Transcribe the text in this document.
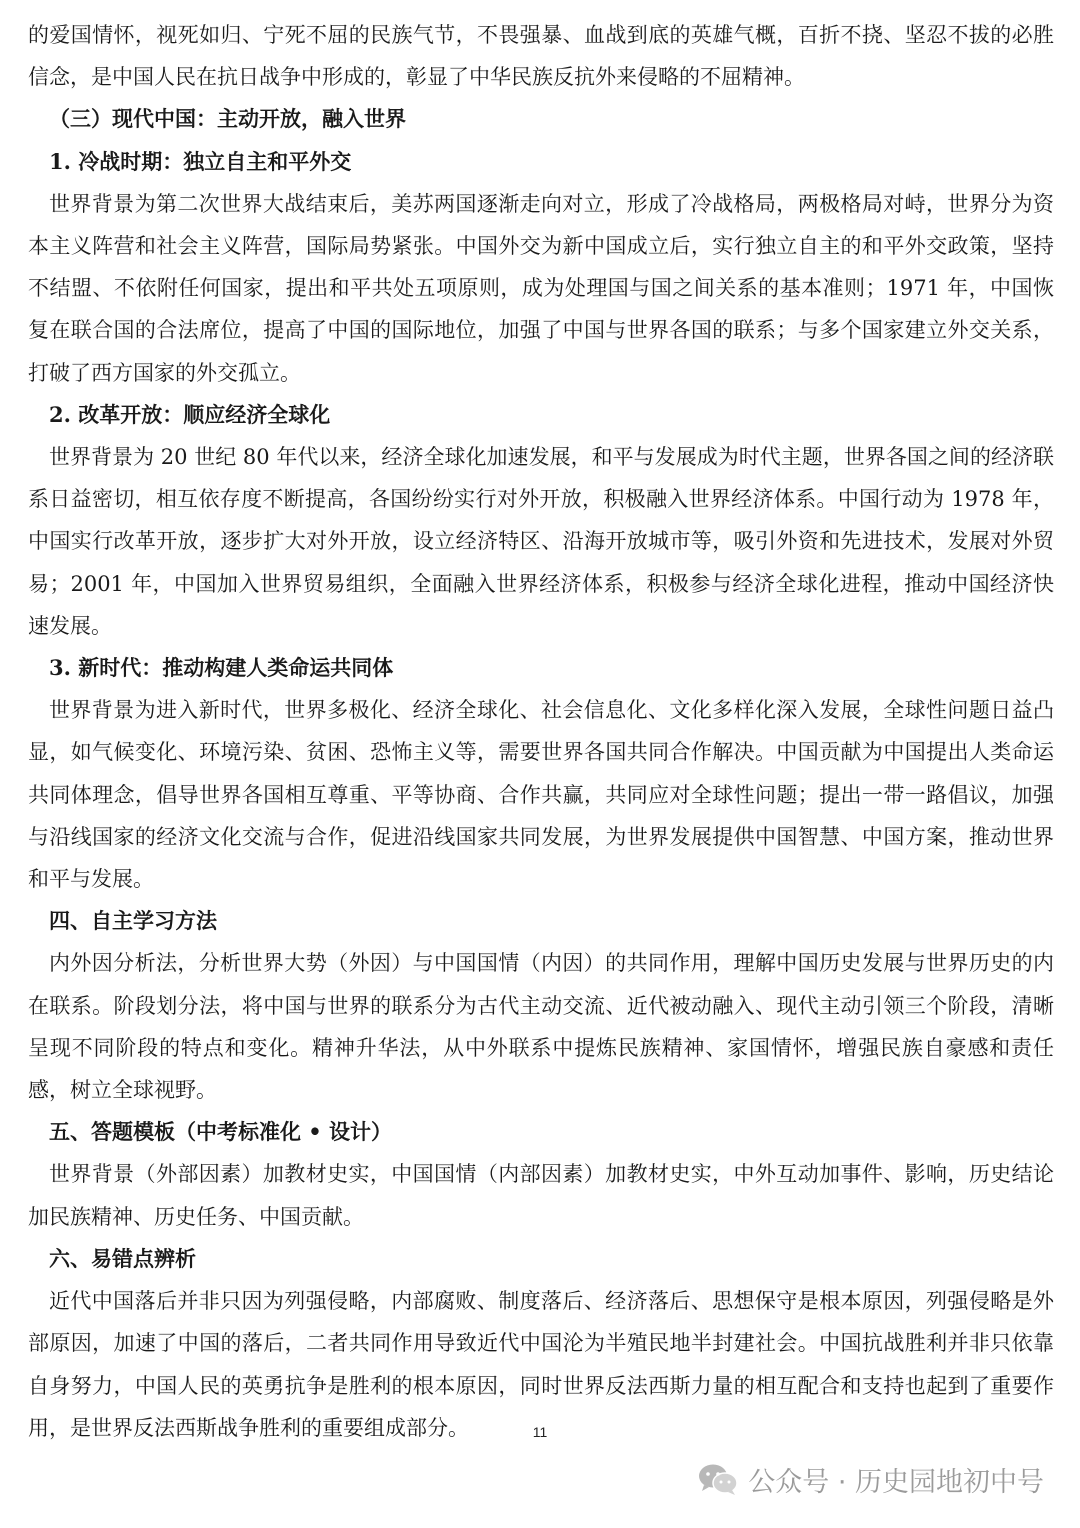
的爱国情怀，视死如归、宁死不屈的民族气节，不畏强暴、血战到底的英雄气概，百折不挠、坚忍不拔的必胜信念，是中国人民在抗日战争中形成的，彰显了中华民族反抗外来侵略的不屈精神。

（三）现代中国：主动开放，融入世界

1. 冷战时期：独立自主和平外交

世界背景为第二次世界大战结束后，美苏两国逐渐走向对立，形成了冷战格局，两极格局对峙，世界分为资本主义阵营和社会主义阵营，国际局势紧张。中国外交为新中国成立后，实行独立自主的和平外交政策，坚持不结盟、不依附任何国家，提出和平共处五项原则，成为处理国与国之间关系的基本准则；1971 年，中国恢复在联合国的合法席位，提高了中国的国际地位，加强了中国与世界各国的联系；与多个国家建立外交关系，打破了西方国家的外交孤立。

2. 改革开放：顺应经济全球化

世界背景为 20 世纪 80 年代以来，经济全球化加速发展，和平与发展成为时代主题，世界各国之间的经济联系日益密切，相互依存度不断提高，各国纷纷实行对外开放，积极融入世界经济体系。中国行动为 1978 年，中国实行改革开放，逐步扩大对外开放，设立经济特区、沿海开放城市等，吸引外资和先进技术，发展对外贸易；2001 年，中国加入世界贸易组织，全面融入世界经济体系，积极参与经济全球化进程，推动中国经济快速发展。

3. 新时代：推动构建人类命运共同体

世界背景为进入新时代，世界多极化、经济全球化、社会信息化、文化多样化深入发展，全球性问题日益凸显，如气候变化、环境污染、贫困、恐怖主义等，需要世界各国共同合作解决。中国贡献为中国提出人类命运共同体理念，倡导世界各国相互尊重、平等协商、合作共赢，共同应对全球性问题；提出一带一路倡议，加强与沿线国家的经济文化交流与合作，促进沿线国家共同发展，为世界发展提供中国智慧、中国方案，推动世界和平与发展。

四、自主学习方法

内外因分析法，分析世界大势（外因）与中国国情（内因）的共同作用，理解中国历史发展与世界历史的内在联系。阶段划分法，将中国与世界的联系分为古代主动交流、近代被动融入、现代主动引领三个阶段，清晰呈现不同阶段的特点和变化。精神升华法，从中外联系中提炼民族精神、家国情怀，增强民族自豪感和责任感，树立全球视野。

五、答题模板（中考标准化 • 设计）

世界背景（外部因素）加教材史实，中国国情（内部因素）加教材史实，中外互动加事件、影响，历史结论加民族精神、历史任务、中国贡献。

六、易错点辨析

近代中国落后并非只因为列强侵略，内部腐败、制度落后、经济落后、思想保守是根本原因，列强侵略是外部原因，加速了中国的落后，二者共同作用导致近代中国沦为半殖民地半封建社会。中国抗战胜利并非只依靠自身努力，中国人民的英勇抗争是胜利的根本原因，同时世界反法西斯力量的相互配合和支持也起到了重要作用，是世界反法西斯战争胜利的重要组成部分。	11
公众号 · 历史园地初中号
